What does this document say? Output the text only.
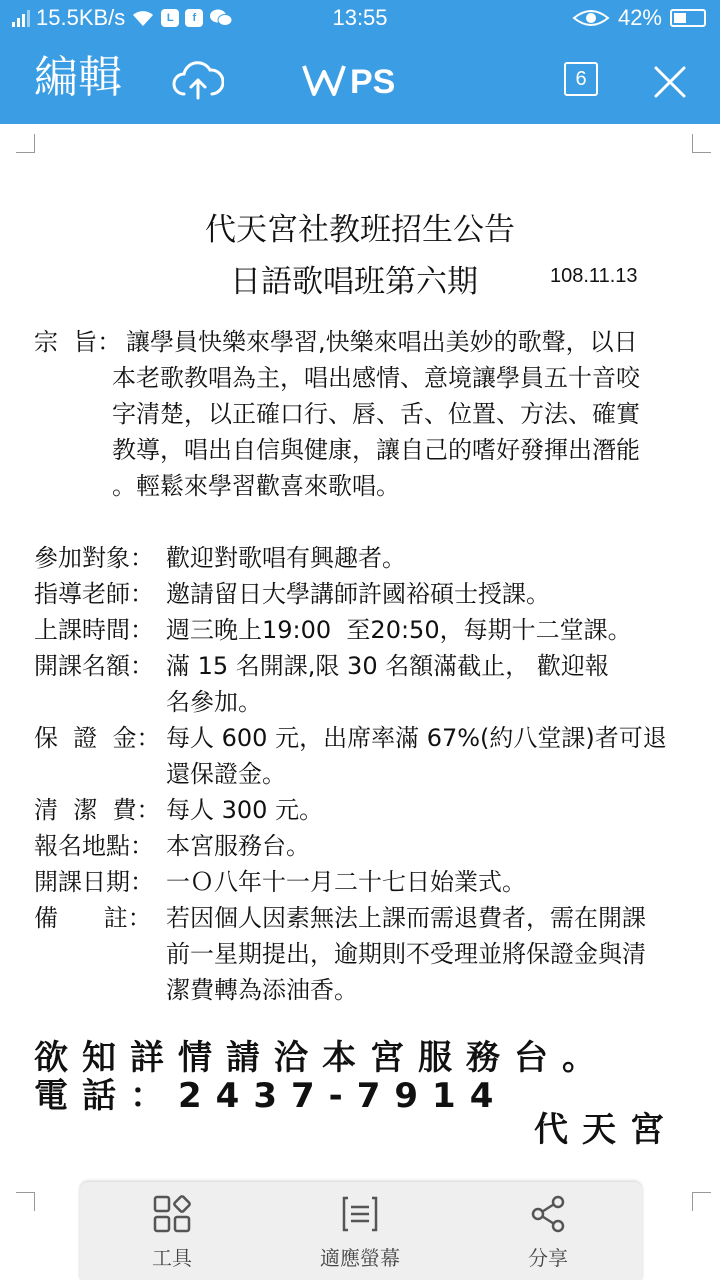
15.5KB/s	L	f	13:55	42%
編輯	PS	6
代天宮社教班招生公告
日語歌唱班第六期	108.11.13
宗  旨： 讓學員快樂來學習,快樂來唱出美妙的歌聲，以日
本老歌教唱為主，唱出感情、意境讓學員五十音咬
字清楚，以正確口行、唇、舌、位置、方法、確實
教導，唱出自信與健康，讓自己的嗜好發揮出潛能
。輕鬆來學習歡喜來歌唱。
參加對象： 歡迎對歌唱有興趣者。
指導老師： 邀請留日大學講師許國裕碩士授課。
上課時間： 週三晚上19:00  至20:50，每期十二堂課。
開課名額： 滿 15 名開課,限 30 名額滿截止， 歡迎報
名參加。
保  證  金： 每人 600 元，出席率滿 67%(約八堂課)者可退
還保證金。
清  潔  費： 每人 300 元。
報名地點： 本宮服務台。
開課日期： 一Ｏ八年十一月二十七日始業式。
備      註： 若因個人因素無法上課而需退費者，需在開課
前一星期提出，逾期則不受理並將保證金與清
潔費轉為添油香。
欲知詳情請洽本宮服務台。
電話：2437-7914
代天宮
工具	適應螢幕	分享
